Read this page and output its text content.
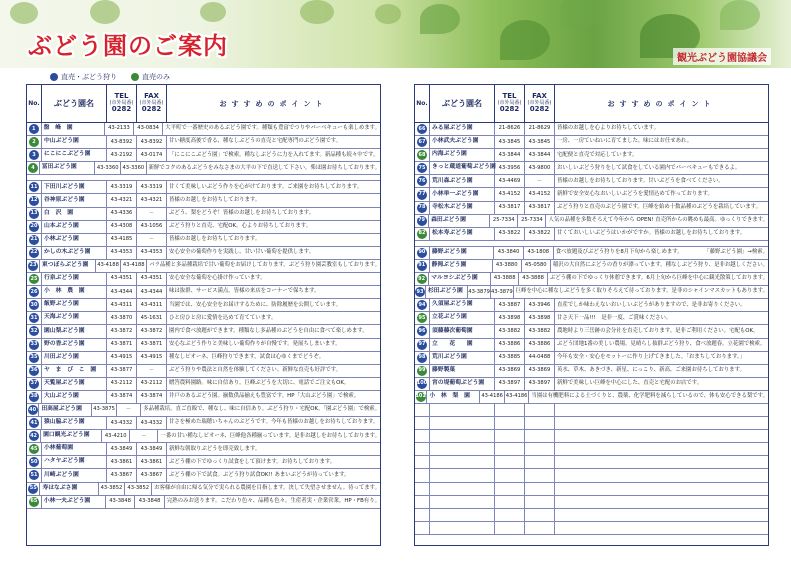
ぶどう園のご案内	観光ぶどう園協議会
直売・ぶどう狩り	直売のみ
No.	ぶどう園名
TEL
(市外局番)
0282
FAX
(市外局番)
0282
おすすめのポイント
1	盤　峰　園	43-2133	43-0834	大平町で一番歴史のあるぶどう園です。種類も豊富でつりやバーベキューも楽しめます。
2	中山ぶどう園	43-8392	43-8392	甘い糖度高後で香る、種なしぶどうの直売と宅配専門のぶどう園です。
3	にこにこぶどう園	43-2192	43-0174	「にこにこぶどう園」で検索。種なしぶどうに力を入れてます。新品種も続々中です。
4	冨田ぶどう園	43-3360 43-3360 新鮮でコクのあるぶどうをみなさまの大平の下で直送して下さい。柴ほ園お待ちしております。
11	下田川ぶどう園	43-3319	43-3319	甘くて美味しいぶどう作りを心がけております。ご来園をお待ちしております。
12	谷神原ぶどう園	43-4321	43-4321	皆様のお越しをお待ちしております。
13	白　沢　園	43-4336	－	ぶどう、梨をどうぞ！皆様のお越しをお待ちしております。
20	山本ぶどう園	43-4308	43-1056	ぶどう狩りと直売、宅配OK。心よりお待ちしております。
21	小林ぶどう園	43-4185	－	皆様のお越しをお待ちしております。
22	かしの木ぶどう園	43-4353	43-4353	安心安全の葡萄作りを実践し、甘い甘い葡萄を提供します。
23 東つぼらぶどう園	43-4188 43-4188 バラ品種と多品種栽培で甘い葡萄をお届けしております。ぶどう狩り園芸教室もしております。
25	行泉ぶどう園	43-4351	43-4351	安心安全な葡萄を心掛け作っています。
26	小　林　農　園	43-4344	43-4344	味は抜群、サービス満点。皆様の来店をコーナーで保ちます。
30	飯野ぶどう園	43-4311	43-4311	当園では、安心安全をお届けするために、防除履歴を公開しています。
31	天海ぶどう園	43-3870	45-1631	ひと房ひと房に愛情を込めて育てています。
32	園山梨ぶどう園	43-3872	43-3872	園内で食べ放題ができます。種類なし多品種のぶどうを自由に食べて楽しめます。
33	野の香ぶどう園	43-3871	43-3871	安心なぶどう作りと美味しい葡萄作りが自慢です。発展ちしまいます。
35	川田ぶどう園	43-4915	43-4915	種なしピオーネ、巨峰狩りできます。試食は心ゆくまでどうぞ。
36	ヤ　ま　び　こ　園	43-3877	－	ぶどう狩りや農法と自然を体験してください。新鮮な直売も好評です。
37	天覧屋ぶどう園	43-2112	43-2112	贈答農料園路。味に自信あり。巨峰ぶどうを大切に、電話でご注文もOK。
38	大山ぶどう園	43-3874	43-3874	井戸のあるぶどう園。揃数供品揃えも豊富です。HP「大山ぶどう園」で検索。
40 田高屋ぶどう園	43-3875	－	多品種栽培。直ご直販で、種なし、味に自信あり。ぶどう狩り・宅配OK。「園ぶどう園」で検索。
41	猿山脇ぶどう園	43-4332	43-4332	甘さを極めた瑞穂いちゃんのぶどうです。今年も皆様のお越しをお待ちしております。
42	園口観光ぶどう園	43-4210	－	一番の甘い種なしピオーネ、巨峰他各種揃っています。是非お越しをお待ちしております。
45	小林葡萄園	43-3849	43-3849	新鮮な朝取りぶどうを即売致します。
50	ハタヤぶどう園	43-3861	43-3861	ぶどう棚の下でゆっくり試食をして頂けます。お待ちしております。
51	川崎ぶどう園	43-3867	43-3867	ぶどう棚の下で試食。ぶどう狩り試食OK!! あまいぶどうが待っています。
55 寿はなぶさ園	43-3852 43-3852 お客様が自由に帰る気分で実られる農園を目指します。決して失望させません。待ってます。
65	小林一夫ぶどう園	43-3848	43-3848	完熟のみお送ります。こだわり色々、品種も色々。生産者実・企業営業。HP・FB有り。
No.	ぶどう園名
TEL
(市外局番)
0282
FAX
(市外局番)
0282
おすすめのポイント
66	みる屋ぶどう園	21-8626	21-8629	皆様のお越しを心よりお待ちしています。
67	小林武夫ぶどう園	43-3845	43-3845	一房、一房ていねいに育てました。味にはお任せあれ。
68	内海ぶどう園	43-3844	43-3844	宅配便と直売で対応しています。
75	きっと蔵道葡萄ぶどう園 43-3956	43-9800	おいしいぶどう狩りをして試食をしている園内でバーベキューもできるよ。
76	荒川森ぶどう園	43-4469	－	皆様のお越しをお待ちしております。甘いぶどうを食べてください。
77	小林単一ぶどう園	43-4152	43-4152	新鮮で安全安心なおいしいぶどうを愛情込めて作っております。
78	寺松木ぶどう園	43-3817	43-3817	ぶどう狩りと直売のぶどう園です。巨峰を始め十数品種のぶどうを栽培しています。
79	森田ぶどう園	25-7334	25-7334	人気の品種を多数そろえて今年から OPEN! 直売所からの眺めも最高。ゆっくりできます。
82	松本寿ぶどう園	43-3822	43-3822	甘くておいしいぶどうはいかがですか。皆様のお越しをお待ちしております。
90	藤野ぶどう園	43-3840	43-1808	食べ放題及びぶどう狩りを8月下旬から楽しめます。　　　　　「藤野ぶどう園」→検索。
91	静岡ぶどう園	43-3880	45-0580	稲沢の大自然にぶどうの香りが漂っています。種なしぶどう狩り、是非お越しください。
92	マルヨシぶどう園	43-3888	43-3888	ぶどう棚の下でゆっくり休憩できます。6月上旬から巨峰を中心に観光散策しております。
93 杉田ぶどう園	43-3879 43-3879 巨峰を中心に種なしぶどうを多く取りそろえて待っております。是非のシャインマスカットもあります。
94	久須屋ぶどう園	43-3887	43-3946	直産でしか味わえないおいしいぶどうがありますので、是非お寄りください。
95	立花ぶどう園	43-3898	43-3898	甘さ天下一品!!!　是非一度、ご賞味ください。
96	須藤藤次葡萄園	43-3882	43-3882	農地時より三岳跡の会分社を直売しております。是非ご利用ください。宅配もOK。
97	立　　花　　園	43-3886	43-3886	ぶどう団地1番の美しい農場。見晴らし抜群ぶどう狩り、食べ放題春。立花園で検索。
98	荒川ぶどう園	43-3885	44-0488	今年も安全・安心をモットーに作り上げてきました。「おまちしております。」
99	藤野製菓	43-3869	43-3869	英水、草木、あきづき、新星、にっこり、新高、ご来園お待ちしております。
100 宮の堤葡萄ぶどう園	43-3897	43-3897	新鮮で美味しい巨峰を中心にした、直売と宅配のお店です。
101 小　林　梨　園	43-4186 43-4186 当園は有機肥料による土づくりと、農薬、化学肥料を減らしているので、体も安心できる梨です。
